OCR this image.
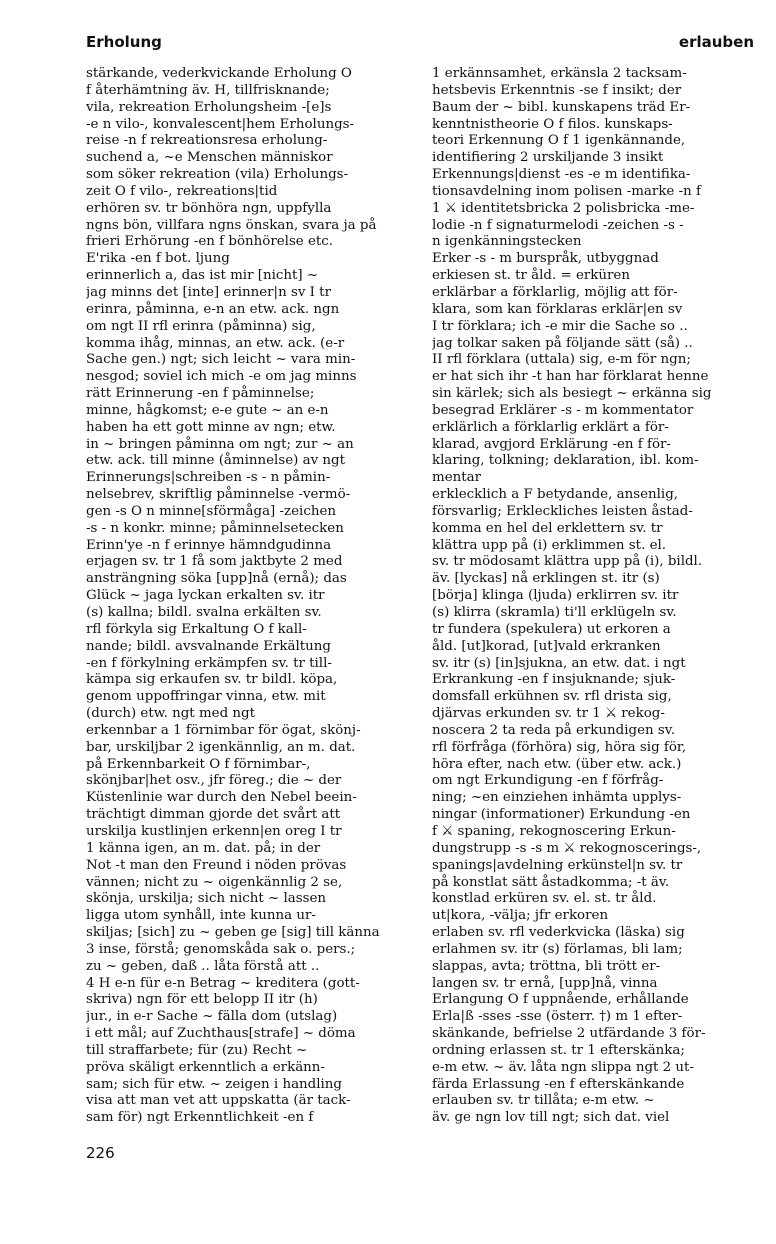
Erholung	erlauben
stärkande, vederkvickande Erholung O
f återhämtning äv. H, tillfrisknande;
vila, rekreation Erholungsheim -[e]s
-e n vilo-, konvalescent|hem Erholungs-
reise -n f rekreationsresa erholung-
suchend a, ~e Menschen människor
som söker rekreation (vila) Erholungs-
zeit O f vilo-, rekreations|tid
erhören sv. tr bönhöra ngn, uppfylla
ngns bön, villfara ngns önskan, svara ja på
frieri Erhörung -en f bönhörelse etc.
E'rika -en f bot. ljung
erinnerlich a, das ist mir [nicht] ~
jag minns det [inte] erinner|n sv I tr
erinra, påminna, e-n an etw. ack. ngn
om ngt II rfl erinra (påminna) sig,
komma ihåg, minnas, an etw. ack. (e-r
Sache gen.) ngt; sich leicht ~ vara min-
nesgod; soviel ich mich -e om jag minns
rätt Erinnerung -en f påminnelse;
minne, hågkomst; e-e gute ~ an e-n
haben ha ett gott minne av ngn; etw.
in ~ bringen påminna om ngt; zur ~ an
etw. ack. till minne (åminnelse) av ngt
Erinnerungs|schreiben -s - n påmin-
nelsebrev, skriftlig påminnelse -vermö-
gen -s O n minne[sförmåga] -zeichen
-s - n konkr. minne; påminnelsetecken
Erinn'ye -n f erinnye hämndgudinna
erjagen sv. tr 1 få som jaktbyte 2 med
ansträngning söka [upp]nå (ernå); das
Glück ~ jaga lyckan erkalten sv. itr
(s) kallna; bildl. svalna erkälten sv.
rfl förkyla sig Erkaltung O f kall-
nande; bildl. avsvalnande Erkältung
-en f förkylning erkämpfen sv. tr till-
kämpa sig erkaufen sv. tr bildl. köpa,
genom uppoffringar vinna, etw. mit
(durch) etw. ngt med ngt
erkennbar a 1 förnimbar för ögat, skönj-
bar, urskiljbar 2 igenkännlig, an m. dat.
på Erkennbarkeit O f förnimbar-,
skönjbar|het osv., jfr föreg.; die ~ der
Küstenlinie war durch den Nebel beein-
trächtigt dimman gjorde det svårt att
urskilja kustlinjen erkenn|en oreg I tr
1 känna igen, an m. dat. på; in der
Not -t man den Freund i nöden prövas
vännen; nicht zu ~ oigenkännlig 2 se,
skönja, urskilja; sich nicht ~ lassen
ligga utom synhåll, inte kunna ur-
skiljas; [sich] zu ~ geben ge [sig] till känna
3 inse, förstå; genomskåda sak o. pers.;
zu ~ geben, daß .. låta förstå att ..
4 H e-n für e-n Betrag ~ kreditera (gott-
skriva) ngn för ett belopp II itr (h)
jur., in e-r Sache ~ fälla dom (utslag)
i ett mål; auf Zuchthaus[strafe] ~ döma
till straffarbete; für (zu) Recht ~
pröva skäligt erkenntlich a erkänn-
sam; sich für etw. ~ zeigen i handling
visa att man vet att uppskatta (är tack-
sam för) ngt Erkenntlichkeit -en f
1 erkännsamhet, erkänsla 2 tacksam-
hetsbevis Erkenntnis -se f insikt; der
Baum der ~ bibl. kunskapens träd Er-
kenntnistheorie O f filos. kunskaps-
teori Erkennung O f 1 igenkännande,
identifiering 2 urskiljande 3 insikt
Erkennungs|dienst -es -e m identifika-
tionsavdelning inom polisen -marke -n f
1 ⚔ identitetsbricka 2 polisbricka -me-
lodie -n f signaturmelodi -zeichen -s -
n igenkänningstecken
Erker -s - m burspråk, utbyggnad
erkiesen st. tr åld. = erküren
erklärbar a förklarlig, möjlig att för-
klara, som kan förklaras erklär|en sv
I tr förklara; ich -e mir die Sache so ..
jag tolkar saken på följande sätt (så) ..
II rfl förklara (uttala) sig, e-m för ngn;
er hat sich ihr -t han har förklarat henne
sin kärlek; sich als besiegt ~ erkänna sig
besegrad Erklärer -s - m kommentator
erklärlich a förklarlig erklärt a för-
klarad, avgjord Erklärung -en f för-
klaring, tolkning; deklaration, ibl. kom-
mentar
erklecklich a F betydande, ansenlig,
försvarlig; Erkleckliches leisten åstad-
komma en hel del erklettern sv. tr
klättra upp på (i) erklimmen st. el.
sv. tr mödosamt klättra upp på (i), bildl.
äv. [lyckas] nå erklingen st. itr (s)
[börja] klinga (ljuda) erklirren sv. itr
(s) klirra (skramla) ti'll erklügeln sv.
tr fundera (spekulera) ut erkoren a
åld. [ut]korad, [ut]vald erkranken
sv. itr (s) [in]sjukna, an etw. dat. i ngt
Erkrankung -en f insjuknande; sjuk-
domsfall erkühnen sv. rfl drista sig,
djärvas erkunden sv. tr 1 ⚔ rekog-
noscera 2 ta reda på erkundigen sv.
rfl förfråga (förhöra) sig, höra sig för,
höra efter, nach etw. (über etw. ack.)
om ngt Erkundigung -en f förfråg-
ning; ~en einziehen inhämta upplys-
ningar (informationer) Erkundung -en
f ⚔ spaning, rekognoscering Erkun-
dungstrupp -s -s m ⚔ rekognoscerings-,
spanings|avdelning erkünstel|n sv. tr
på konstlat sätt åstadkomma; -t äv.
konstlad erküren sv. el. st. tr åld.
ut|kora, -välja; jfr erkoren
erlaben sv. rfl vederkvicka (läska) sig
erlahmen sv. itr (s) förlamas, bli lam;
slappas, avta; tröttna, bli trött er-
langen sv. tr ernå, [upp]nå, vinna
Erlangung O f uppnående, erhållande
Erla|ß -sses -sse (österr. †) m 1 efter-
skänkande, befrielse 2 utfärdande 3 för-
ordning erlassen st. tr 1 efterskänka;
e-m etw. ~ äv. låta ngn slippa ngt 2 ut-
färda Erlassung -en f efterskänkande
erlauben sv. tr tillåta; e-m etw. ~
äv. ge ngn lov till ngt; sich dat. viel
226
